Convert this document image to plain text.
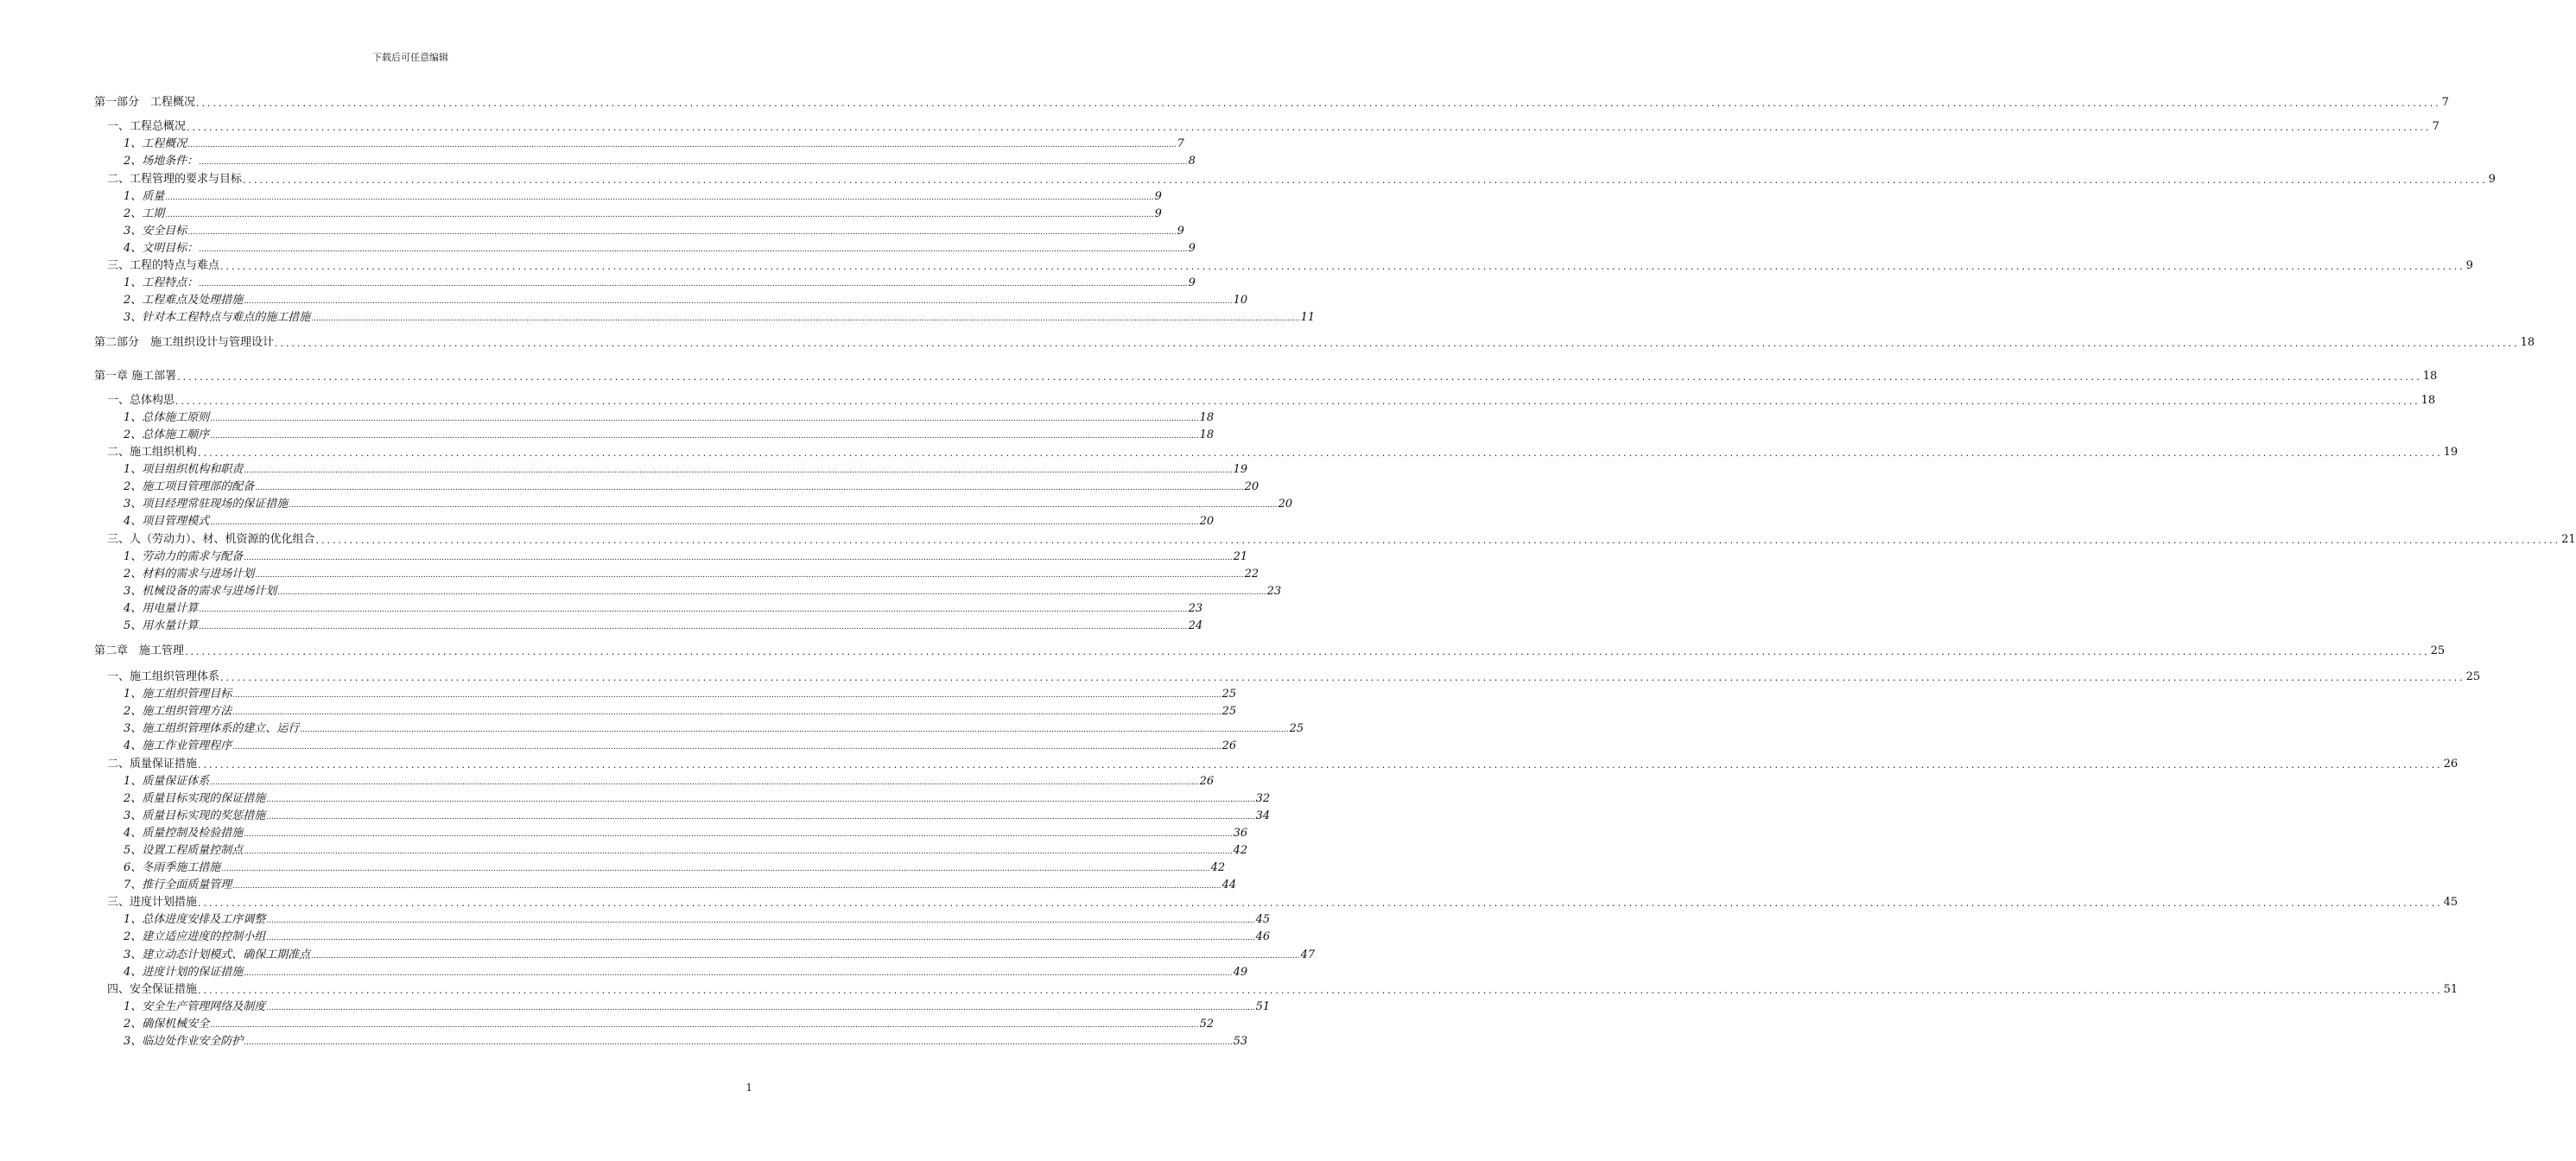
下载后可任意编辑
第一部分　工程概况 ................................................................................................................................................................................................................................................................................................................................................................................................................ 7
一、工程总概况 ................................................................................................................................................................................................................................................................................................................................................................................................................ 7
1、工程概况 ................................................................................................................................................................................................................................................................................................................................................................................................................ 7
2、场地条件： ................................................................................................................................................................................................................................................................................................................................................................................................................ 8
二、工程管理的要求与目标 ................................................................................................................................................................................................................................................................................................................................................................................................................ 9
1、质量 ................................................................................................................................................................................................................................................................................................................................................................................................................ 9
2、工期 ................................................................................................................................................................................................................................................................................................................................................................................................................ 9
3、安全目标 ................................................................................................................................................................................................................................................................................................................................................................................................................ 9
4、文明目标： ................................................................................................................................................................................................................................................................................................................................................................................................................ 9
三、工程的特点与难点 ................................................................................................................................................................................................................................................................................................................................................................................................................ 9
1、工程特点： ................................................................................................................................................................................................................................................................................................................................................................................................................ 9
2、工程难点及处理措施 ................................................................................................................................................................................................................................................................................................................................................................................................................ 10
3、针对本工程特点与难点的施工措施 ................................................................................................................................................................................................................................................................................................................................................................................................................ 11
第二部分　施工组织设计与管理设计 ................................................................................................................................................................................................................................................................................................................................................................................................................ 18
第一章 施工部署 ................................................................................................................................................................................................................................................................................................................................................................................................................ 18
一、总体构思 ................................................................................................................................................................................................................................................................................................................................................................................................................ 18
1、总体施工原则 ................................................................................................................................................................................................................................................................................................................................................................................................................ 18
2、总体施工顺序 ................................................................................................................................................................................................................................................................................................................................................................................................................ 18
二、施工组织机构 ................................................................................................................................................................................................................................................................................................................................................................................................................ 19
1、项目组织机构和职责 ................................................................................................................................................................................................................................................................................................................................................................................................................ 19
2、施工项目管理部的配备 ................................................................................................................................................................................................................................................................................................................................................................................................................ 20
3、项目经理常驻现场的保证措施 ................................................................................................................................................................................................................................................................................................................................................................................................................ 20
4、项目管理模式 ................................................................................................................................................................................................................................................................................................................................................................................................................ 20
三、人（劳动力）、材、机资源的优化组合 ................................................................................................................................................................................................................................................................................................................................................................................................................ 21
1、劳动力的需求与配备 ................................................................................................................................................................................................................................................................................................................................................................................................................ 21
2、材料的需求与进场计划 ................................................................................................................................................................................................................................................................................................................................................................................................................ 22
3、机械设备的需求与进场计划 ................................................................................................................................................................................................................................................................................................................................................................................................................ 23
4、用电量计算 ................................................................................................................................................................................................................................................................................................................................................................................................................ 23
5、用水量计算 ................................................................................................................................................................................................................................................................................................................................................................................................................ 24
第二章　施工管理 ................................................................................................................................................................................................................................................................................................................................................................................................................ 25
一、施工组织管理体系 ................................................................................................................................................................................................................................................................................................................................................................................................................ 25
1、施工组织管理目标 ................................................................................................................................................................................................................................................................................................................................................................................................................ 25
2、施工组织管理方法 ................................................................................................................................................................................................................................................................................................................................................................................................................ 25
3、施工组织管理体系的建立、运行 ................................................................................................................................................................................................................................................................................................................................................................................................................ 25
4、施工作业管理程序 ................................................................................................................................................................................................................................................................................................................................................................................................................ 26
二、质量保证措施 ................................................................................................................................................................................................................................................................................................................................................................................................................ 26
1、质量保证体系 ................................................................................................................................................................................................................................................................................................................................................................................................................ 26
2、质量目标实现的保证措施 ................................................................................................................................................................................................................................................................................................................................................................................................................ 32
3、质量目标实现的奖惩措施 ................................................................................................................................................................................................................................................................................................................................................................................................................ 34
4、质量控制及检验措施 ................................................................................................................................................................................................................................................................................................................................................................................................................ 36
5、设置工程质量控制点 ................................................................................................................................................................................................................................................................................................................................................................................................................ 42
6、冬雨季施工措施 ................................................................................................................................................................................................................................................................................................................................................................................................................ 42
7、推行全面质量管理 ................................................................................................................................................................................................................................................................................................................................................................................................................ 44
三、进度计划措施 ................................................................................................................................................................................................................................................................................................................................................................................................................ 45
1、总体进度安排及工序调整 ................................................................................................................................................................................................................................................................................................................................................................................................................ 45
2、建立适应进度的控制小组 ................................................................................................................................................................................................................................................................................................................................................................................................................ 46
3、建立动态计划模式、确保工期准点 ................................................................................................................................................................................................................................................................................................................................................................................................................ 47
4、进度计划的保证措施 ................................................................................................................................................................................................................................................................................................................................................................................................................ 49
四、安全保证措施 ................................................................................................................................................................................................................................................................................................................................................................................................................ 51
1、安全生产管理网络及制度 ................................................................................................................................................................................................................................................................................................................................................................................................................ 51
2、确保机械安全 ................................................................................................................................................................................................................................................................................................................................................................................................................ 52
3、临边处作业安全防护 ................................................................................................................................................................................................................................................................................................................................................................................................................ 53
1
